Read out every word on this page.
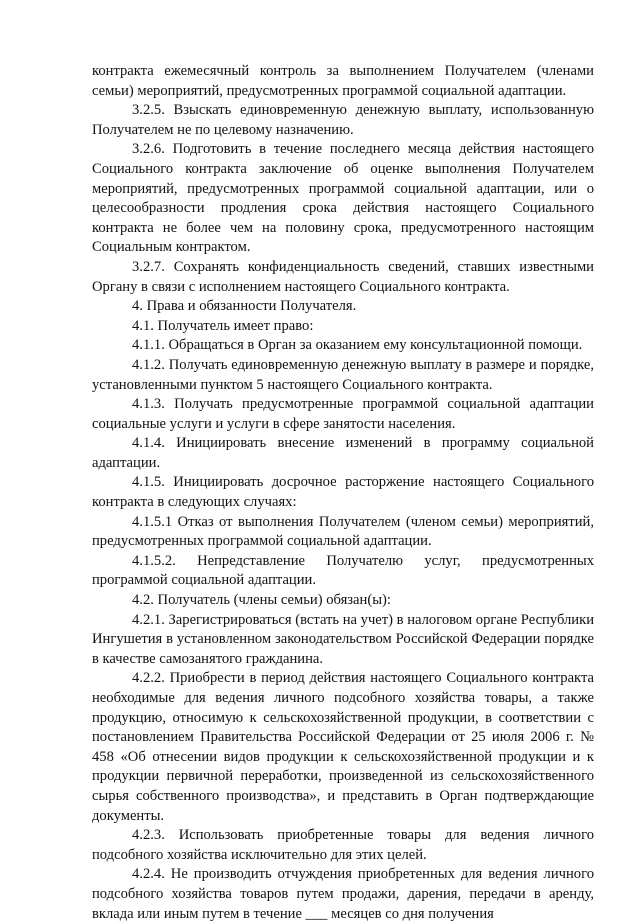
контракта ежемесячный контроль за выполнением Получателем (членами семьи) мероприятий, предусмотренных программой социальной адаптации.

3.2.5. Взыскать единовременную денежную выплату, использованную Получателем не по целевому назначению.

3.2.6. Подготовить в течение последнего месяца действия настоящего Социального контракта заключение об оценке выполнения Получателем мероприятий, предусмотренных программой социальной адаптации, или о целесообразности продления срока действия настоящего Социального контракта не более чем на половину срока, предусмотренного настоящим Социальным контрактом.

3.2.7. Сохранять конфиденциальность сведений, ставших известными Органу в связи с исполнением настоящего Социального контракта.

4. Права и обязанности Получателя.

4.1. Получатель имеет право:

4.1.1. Обращаться в Орган за оказанием ему консультационной помощи.

4.1.2. Получать единовременную денежную выплату в размере и порядке, установленными пунктом 5 настоящего Социального контракта.

4.1.3. Получать предусмотренные программой социальной адаптации социальные услуги и услуги в сфере занятости населения.

4.1.4. Инициировать внесение изменений в программу социальной адаптации.

4.1.5. Инициировать досрочное расторжение настоящего Социального контракта в следующих случаях:

4.1.5.1 Отказ от выполнения Получателем (членом семьи) мероприятий, предусмотренных программой социальной адаптации.

4.1.5.2. Непредставление Получателю услуг, предусмотренных программой социальной адаптации.

4.2. Получатель (члены семьи) обязан(ы):

4.2.1. Зарегистрироваться (встать на учет) в налоговом органе Республики Ингушетия в установленном законодательством Российской Федерации порядке в качестве самозанятого гражданина.

4.2.2. Приобрести в период действия настоящего Социального контракта необходимые для ведения личного подсобного хозяйства товары, а также продукцию, относимую к сельскохозяйственной продукции, в соответствии с постановлением Правительства Российской Федерации от 25 июля 2006 г. № 458 «Об отнесении видов продукции к сельскохозяйственной продукции и к продукции первичной переработки, произведенной из сельскохозяйственного сырья собственного производства», и представить в Орган подтверждающие документы.

4.2.3. Использовать приобретенные товары для ведения личного подсобного хозяйства исключительно для этих целей.

4.2.4. Не производить отчуждения приобретенных для ведения личного подсобного хозяйства товаров путем продажи, дарения, передачи в аренду, вклада или иным путем в течение ___ месяцев со дня получения
